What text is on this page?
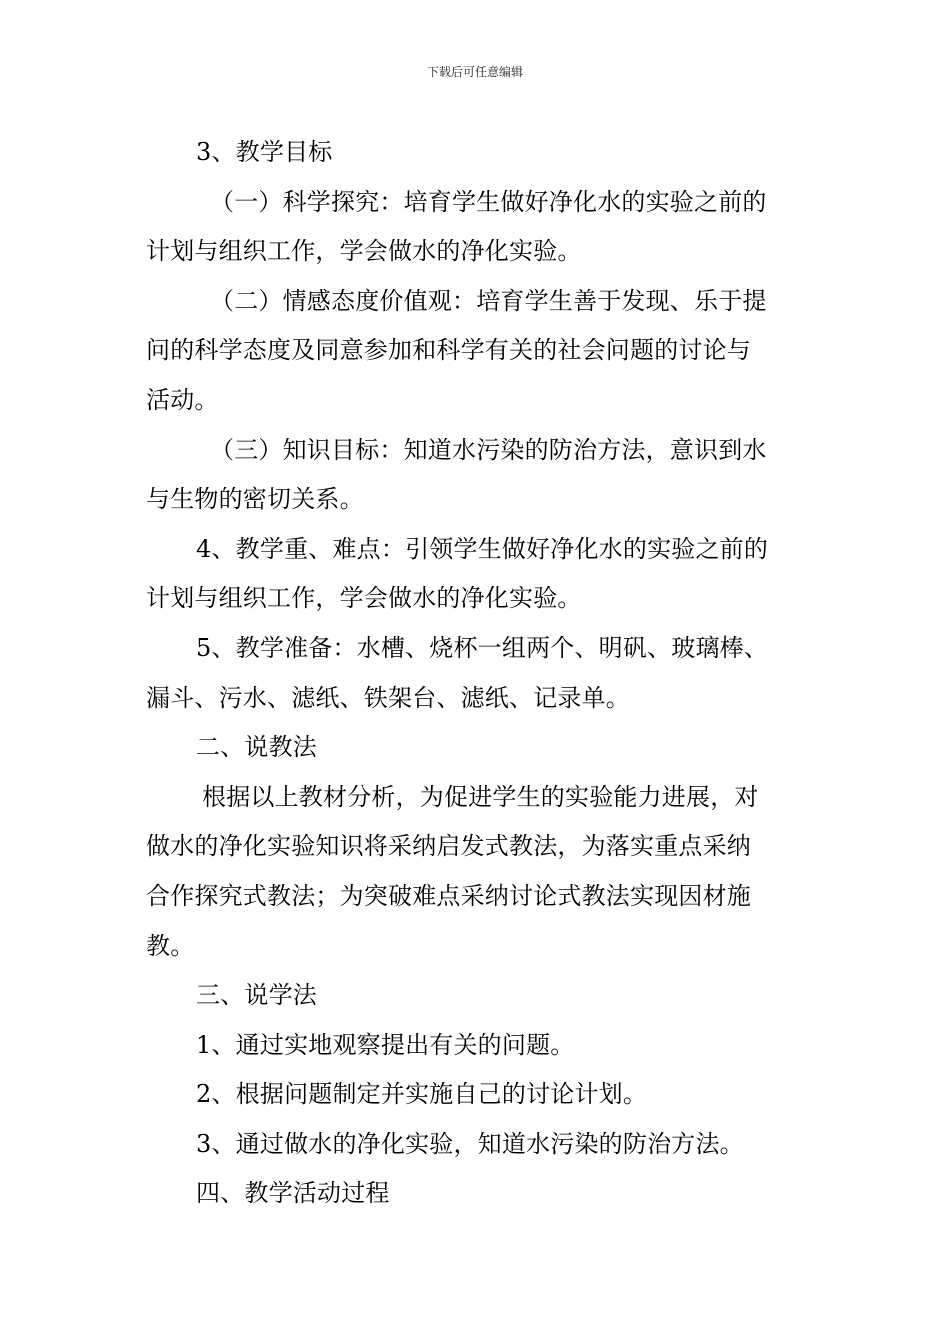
下载后可任意编辑
3、教学目标
（一）科学探究：培育学生做好净化水的实验之前的
计划与组织工作，学会做水的净化实验。
（二）情感态度价值观：培育学生善于发现、乐于提
问的科学态度及同意参加和科学有关的社会问题的讨论与
活动。
（三）知识目标：知道水污染的防治方法，意识到水
与生物的密切关系。
4、教学重、难点：引领学生做好净化水的实验之前的
计划与组织工作，学会做水的净化实验。
5、教学准备：水槽、烧杯一组两个、明矾、玻璃棒、
漏斗、污水、滤纸、铁架台、滤纸、记录单。
二、说教法
根据以上教材分析，为促进学生的实验能力进展，对
做水的净化实验知识将采纳启发式教法，为落实重点采纳
合作探究式教法；为突破难点采纳讨论式教法实现因材施
教。
三、说学法
1、通过实地观察提出有关的问题。
2、根据问题制定并实施自己的讨论计划。
3、通过做水的净化实验，知道水污染的防治方法。
四、教学活动过程
